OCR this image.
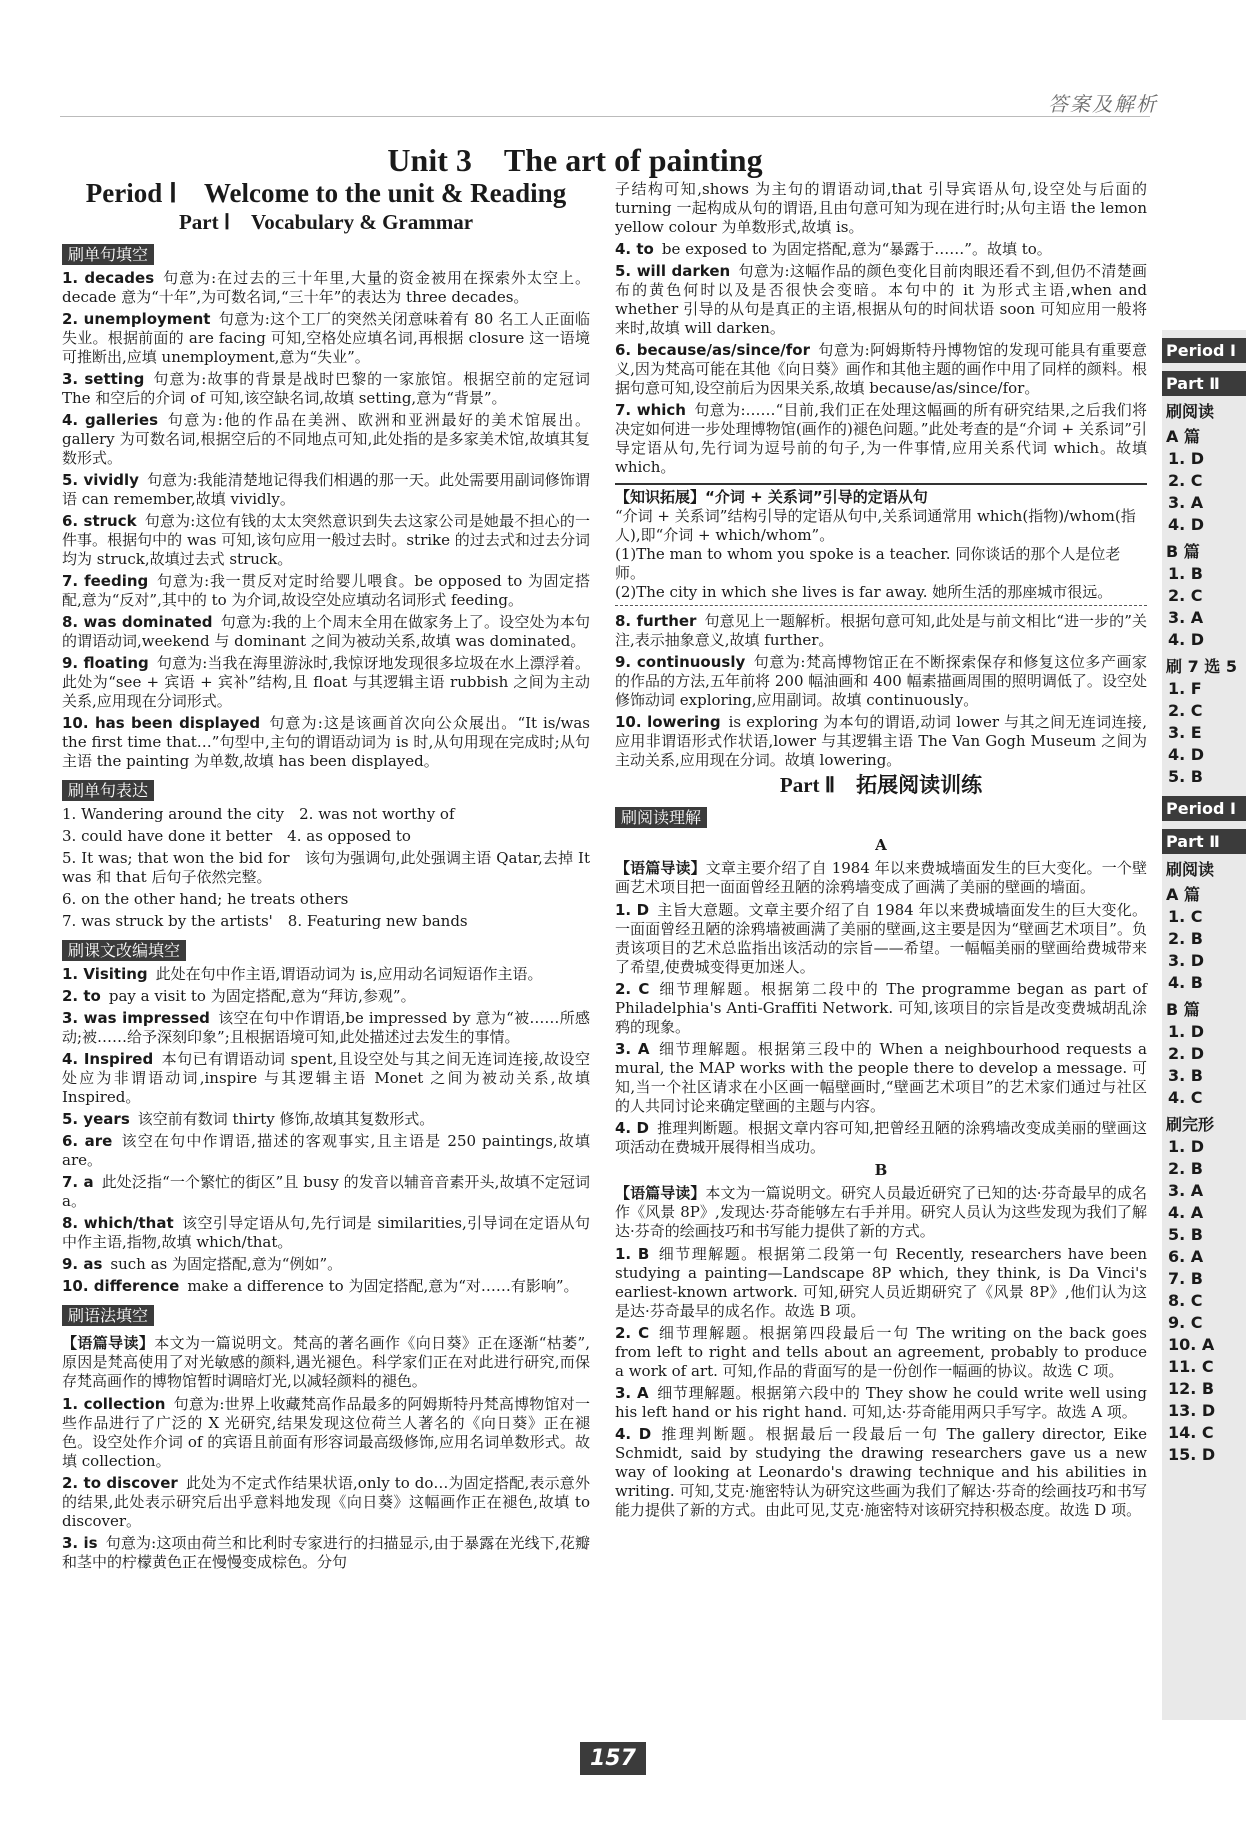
答案及解析
Unit 3　The art of painting
Period Ⅰ　Welcome to the unit & Reading
Part Ⅰ　Vocabulary & Grammar
刷单句填空
1. decades 句意为:在过去的三十年里,大量的资金被用在探索外太空上。decade 意为“十年”,为可数名词,“三十年”的表达为 three decades。
2. unemployment 句意为:这个工厂的突然关闭意味着有 80 名工人正面临失业。根据前面的 are facing 可知,空格处应填名词,再根据 closure 这一语境可推断出,应填 unemployment,意为“失业”。
3. setting 句意为:故事的背景是战时巴黎的一家旅馆。根据空前的定冠词 The 和空后的介词 of 可知,该空缺名词,故填 setting,意为“背景”。
4. galleries 句意为:他的作品在美洲、欧洲和亚洲最好的美术馆展出。gallery 为可数名词,根据空后的不同地点可知,此处指的是多家美术馆,故填其复数形式。
5. vividly 句意为:我能清楚地记得我们相遇的那一天。此处需要用副词修饰谓语 can remember,故填 vividly。
6. struck 句意为:这位有钱的太太突然意识到失去这家公司是她最不担心的一件事。根据句中的 was 可知,该句应用一般过去时。strike 的过去式和过去分词均为 struck,故填过去式 struck。
7. feeding 句意为:我一贯反对定时给婴儿喂食。be opposed to 为固定搭配,意为“反对”,其中的 to 为介词,故设空处应填动名词形式 feeding。
8. was dominated 句意为:我的上个周末全用在做家务上了。设空处为本句的谓语动词,weekend 与 dominant 之间为被动关系,故填 was dominated。
9. floating 句意为:当我在海里游泳时,我惊讶地发现很多垃圾在水上漂浮着。此处为“see + 宾语 + 宾补”结构,且 float 与其逻辑主语 rubbish 之间为主动关系,应用现在分词形式。
10. has been displayed 句意为:这是该画首次向公众展出。“It is/was the first time that…”句型中,主句的谓语动词为 is 时,从句用现在完成时;从句主语 the painting 为单数,故填 has been displayed。
刷单句表达
1. Wandering around the city　2. was not worthy of
3. could have done it better　4. as opposed to
5. It was; that won the bid for　该句为强调句,此处强调主语 Qatar,去掉 It was 和 that 后句子依然完整。
6. on the other hand; he treats others
7. was struck by the artists'　8. Featuring new bands
刷课文改编填空
1. Visiting 此处在句中作主语,谓语动词为 is,应用动名词短语作主语。
2. to pay a visit to 为固定搭配,意为“拜访,参观”。
3. was impressed 该空在句中作谓语,be impressed by 意为“被……所感动;被……给予深刻印象”;且根据语境可知,此处描述过去发生的事情。
4. Inspired 本句已有谓语动词 spent,且设空处与其之间无连词连接,故设空处应为非谓语动词,inspire 与其逻辑主语 Monet 之间为被动关系,故填 Inspired。
5. years 该空前有数词 thirty 修饰,故填其复数形式。
6. are 该空在句中作谓语,描述的客观事实,且主语是 250 paintings,故填 are。
7. a 此处泛指“一个繁忙的街区”且 busy 的发音以辅音音素开头,故填不定冠词 a。
8. which/that 该空引导定语从句,先行词是 similarities,引导词在定语从句中作主语,指物,故填 which/that。
9. as such as 为固定搭配,意为“例如”。
10. difference make a difference to 为固定搭配,意为“对……有影响”。
刷语法填空
【语篇导读】本文为一篇说明文。梵高的著名画作《向日葵》正在逐渐“枯萎”,原因是梵高使用了对光敏感的颜料,遇光褪色。科学家们正在对此进行研究,而保存梵高画作的博物馆暂时调暗灯光,以减轻颜料的褪色。
1. collection 句意为:世界上收藏梵高作品最多的阿姆斯特丹梵高博物馆对一些作品进行了广泛的 X 光研究,结果发现这位荷兰人著名的《向日葵》正在褪色。设空处作介词 of 的宾语且前面有形容词最高级修饰,应用名词单数形式。故填 collection。
2. to discover 此处为不定式作结果状语,only to do…为固定搭配,表示意外的结果,此处表示研究后出乎意料地发现《向日葵》这幅画作正在褪色,故填 to discover。
3. is 句意为:这项由荷兰和比利时专家进行的扫描显示,由于暴露在光线下,花瓣和茎中的柠檬黄色正在慢慢变成棕色。分句
子结构可知,shows 为主句的谓语动词,that 引导宾语从句,设空处与后面的 turning 一起构成从句的谓语,且由句意可知为现在进行时;从句主语 the lemon yellow colour 为单数形式,故填 is。
4. to be exposed to 为固定搭配,意为“暴露于……”。故填 to。
5. will darken 句意为:这幅作品的颜色变化目前肉眼还看不到,但仍不清楚画布的黄色何时以及是否很快会变暗。本句中的 it 为形式主语,when and whether 引导的从句是真正的主语,根据从句的时间状语 soon 可知应用一般将来时,故填 will darken。
6. because/as/since/for 句意为:阿姆斯特丹博物馆的发现可能具有重要意义,因为梵高可能在其他《向日葵》画作和其他主题的画作中用了同样的颜料。根据句意可知,设空前后为因果关系,故填 because/as/since/for。
7. which 句意为:……“目前,我们正在处理这幅画的所有研究结果,之后我们将决定如何进一步处理博物馆(画作的)褪色问题。”此处考查的是“介词 + 关系词”引导定语从句,先行词为逗号前的句子,为一件事情,应用关系代词 which。故填 which。
【知识拓展】“介词 + 关系词”引导的定语从句
“介词 + 关系词”结构引导的定语从句中,关系词通常用 which(指物)/whom(指人),即“介词 + which/whom”。
(1)The man to whom you spoke is a teacher. 同你谈话的那个人是位老师。
(2)The city in which she lives is far away. 她所生活的那座城市很远。
8. further 句意见上一题解析。根据句意可知,此处是与前文相比“进一步的”关注,表示抽象意义,故填 further。
9. continuously 句意为:梵高博物馆正在不断探索保存和修复这位多产画家的作品的方法,五年前将 200 幅油画和 400 幅素描画周围的照明调低了。设空处修饰动词 exploring,应用副词。故填 continuously。
10. lowering is exploring 为本句的谓语,动词 lower 与其之间无连词连接,应用非谓语形式作状语,lower 与其逻辑主语 The Van Gogh Museum 之间为主动关系,应用现在分词。故填 lowering。
Part Ⅱ　拓展阅读训练
刷阅读理解
A
【语篇导读】文章主要介绍了自 1984 年以来费城墙面发生的巨大变化。一个壁画艺术项目把一面面曾经丑陋的涂鸦墙变成了画满了美丽的壁画的墙面。
1. D 主旨大意题。文章主要介绍了自 1984 年以来费城墙面发生的巨大变化。一面面曾经丑陋的涂鸦墙被画满了美丽的壁画,这主要是因为“壁画艺术项目”。负责该项目的艺术总监指出该活动的宗旨——希望。一幅幅美丽的壁画给费城带来了希望,使费城变得更加迷人。
2. C 细节理解题。根据第二段中的 The programme began as part of Philadelphia's Anti-Graffiti Network. 可知,该项目的宗旨是改变费城胡乱涂鸦的现象。
3. A 细节理解题。根据第三段中的 When a neighbourhood requests a mural, the MAP works with the people there to develop a message. 可知,当一个社区请求在小区画一幅壁画时,“壁画艺术项目”的艺术家们通过与社区的人共同讨论来确定壁画的主题与内容。
4. D 推理判断题。根据文章内容可知,把曾经丑陋的涂鸦墙改变成美丽的壁画这项活动在费城开展得相当成功。
B
【语篇导读】本文为一篇说明文。研究人员最近研究了已知的达·芬奇最早的成名作《风景 8P》,发现达·芬奇能够左右手并用。研究人员认为这些发现为我们了解达·芬奇的绘画技巧和书写能力提供了新的方式。
1. B 细节理解题。根据第二段第一句 Recently, researchers have been studying a painting—Landscape 8P which, they think, is Da Vinci's earliest-known artwork. 可知,研究人员近期研究了《风景 8P》,他们认为这是达·芬奇最早的成名作。故选 B 项。
2. C 细节理解题。根据第四段最后一句 The writing on the back goes from left to right and tells about an agreement, probably to produce a work of art. 可知,作品的背面写的是一份创作一幅画的协议。故选 C 项。
3. A 细节理解题。根据第六段中的 They show he could write well using his left hand or his right hand. 可知,达·芬奇能用两只手写字。故选 A 项。
4. D 推理判断题。根据最后一段最后一句 The gallery director, Eike Schmidt, said by studying the drawing researchers gave us a new way of looking at Leonardo's drawing technique and his abilities in writing. 可知,艾克·施密特认为研究这些画为我们了解达·芬奇的绘画技巧和书写能力提供了新的方式。由此可见,艾克·施密特对该研究持积极态度。故选 D 项。
Period Ⅰ
Part Ⅱ
刷阅读
A 篇
1. D
2. C
3. A
4. D
B 篇
1. B
2. C
3. A
4. D
刷 7 选 5
1. F
2. C
3. E
4. D
5. B
Period Ⅰ
Part Ⅱ
刷阅读
A 篇
1. C
2. B
3. D
4. B
B 篇
1. D
2. D
3. B
4. C
刷完形
1. D
2. B
3. A
4. A
5. B
6. A
7. B
8. C
9. C
10. A
11. C
12. B
13. D
14. C
15. D
157
